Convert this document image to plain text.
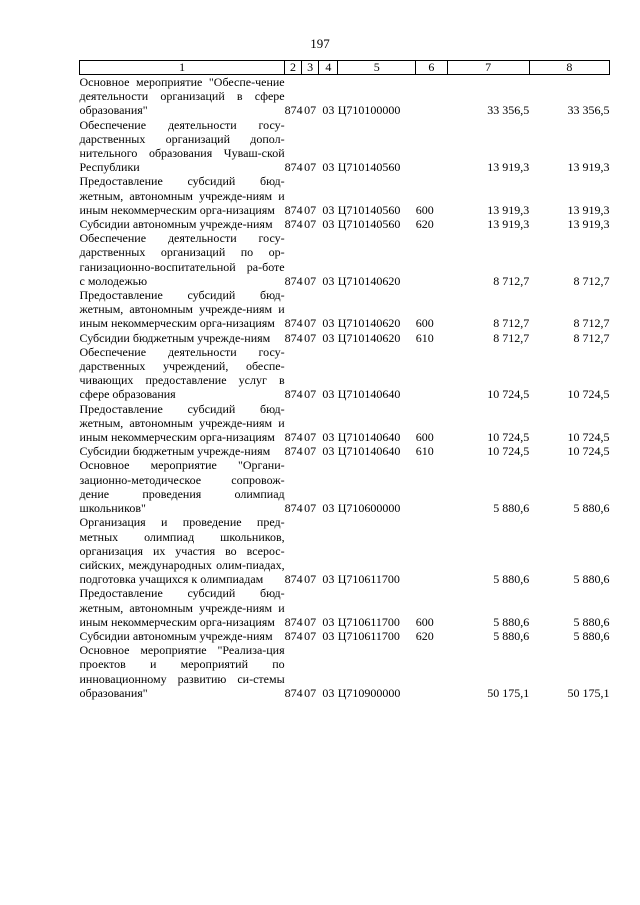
197
1	2	3	4	5	6	7	8
Основное мероприятие "Обеспе-чение деятельности организаций в сфере образования"	874	07	03	Ц710100000		33 356,5	33 356,5
Обеспечение деятельности госу-дарственных организаций допол-нительного образования Чуваш-ской Республики	874	07	03	Ц710140560		13 919,3	13 919,3
Предоставление субсидий бюд-жетным, автономным учрежде-ниям и иным некоммерческим орга-низациям	874	07	03	Ц710140560	600	13 919,3	13 919,3
Субсидии автономным учрежде-ниям	874	07	03	Ц710140560	620	13 919,3	13 919,3
Обеспечение деятельности госу-дарственных организаций по ор-ганизационно-воспитательной ра-боте с молодежью	874	07	03	Ц710140620		8 712,7	8 712,7
Предоставление субсидий бюд-жетным, автономным учрежде-ниям и иным некоммерческим орга-низациям	874	07	03	Ц710140620	600	8 712,7	8 712,7
Субсидии бюджетным учрежде-ниям	874	07	03	Ц710140620	610	8 712,7	8 712,7
Обеспечение деятельности госу-дарственных учреждений, обеспе-чивающих предоставление услуг в сфере образования	874	07	03	Ц710140640		10 724,5	10 724,5
Предоставление субсидий бюд-жетным, автономным учрежде-ниям и иным некоммерческим орга-низациям	874	07	03	Ц710140640	600	10 724,5	10 724,5
Субсидии бюджетным учрежде-ниям	874	07	03	Ц710140640	610	10 724,5	10 724,5
Основное мероприятие "Органи-зационно-методическое сопровож-дение проведения олимпиад школьников"	874	07	03	Ц710600000		5 880,6	5 880,6
Организация и проведение пред-метных олимпиад школьников, организация их участия во всерос-сийских, международных олим-пиадах, подготовка учащихся к олимпиадам	874	07	03	Ц710611700		5 880,6	5 880,6
Предоставление субсидий бюд-жетным, автономным учрежде-ниям и иным некоммерческим орга-низациям	874	07	03	Ц710611700	600	5 880,6	5 880,6
Субсидии автономным учрежде-ниям	874	07	03	Ц710611700	620	5 880,6	5 880,6
Основное мероприятие "Реализа-ция проектов и мероприятий по инновационному развитию си-стемы образования"	874	07	03	Ц710900000		50 175,1	50 175,1
